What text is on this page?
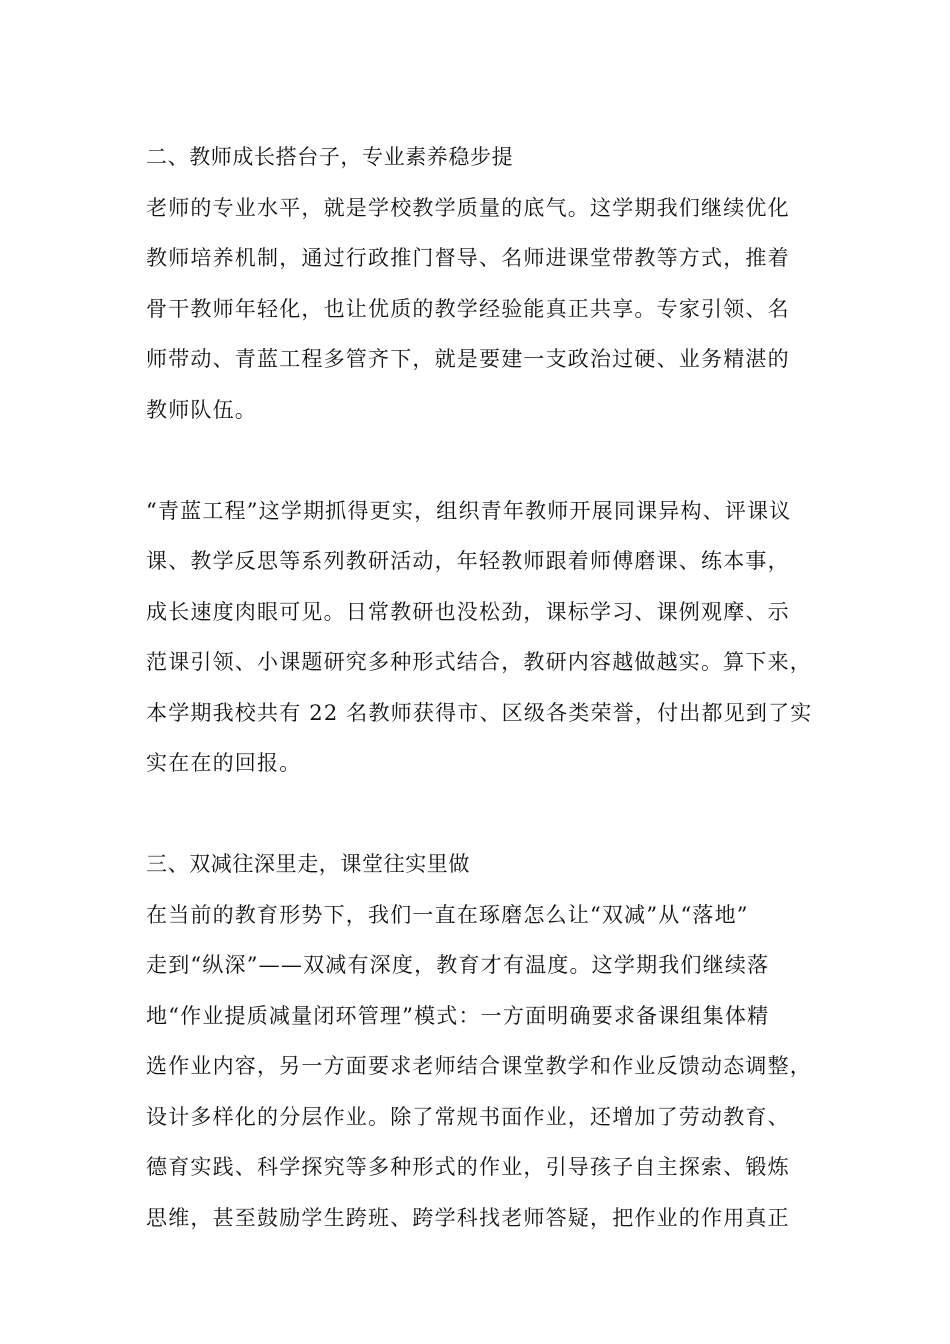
二、教师成长搭台子，专业素养稳步提
老师的专业水平，就是学校教学质量的底气。这学期我们继续优化
教师培养机制，通过行政推门督导、名师进课堂带教等方式，推着
骨干教师年轻化，也让优质的教学经验能真正共享。专家引领、名
师带动、青蓝工程多管齐下，就是要建一支政治过硬、业务精湛的
教师队伍。
“青蓝工程”这学期抓得更实，组织青年教师开展同课异构、评课议
课、教学反思等系列教研活动，年轻教师跟着师傅磨课、练本事，
成长速度肉眼可见。日常教研也没松劲，课标学习、课例观摩、示
范课引领、小课题研究多种形式结合，教研内容越做越实。算下来，
本学期我校共有 22 名教师获得市、区级各类荣誉，付出都见到了实
实在在的回报。
三、双减往深里走，课堂往实里做
在当前的教育形势下，我们一直在琢磨怎么让“双减”从“落地”
走到“纵深”——双减有深度，教育才有温度。这学期我们继续落
地“作业提质减量闭环管理”模式：一方面明确要求备课组集体精
选作业内容，另一方面要求老师结合课堂教学和作业反馈动态调整，
设计多样化的分层作业。除了常规书面作业，还增加了劳动教育、
德育实践、科学探究等多种形式的作业，引导孩子自主探索、锻炼
思维，甚至鼓励学生跨班、跨学科找老师答疑，把作业的作用真正
